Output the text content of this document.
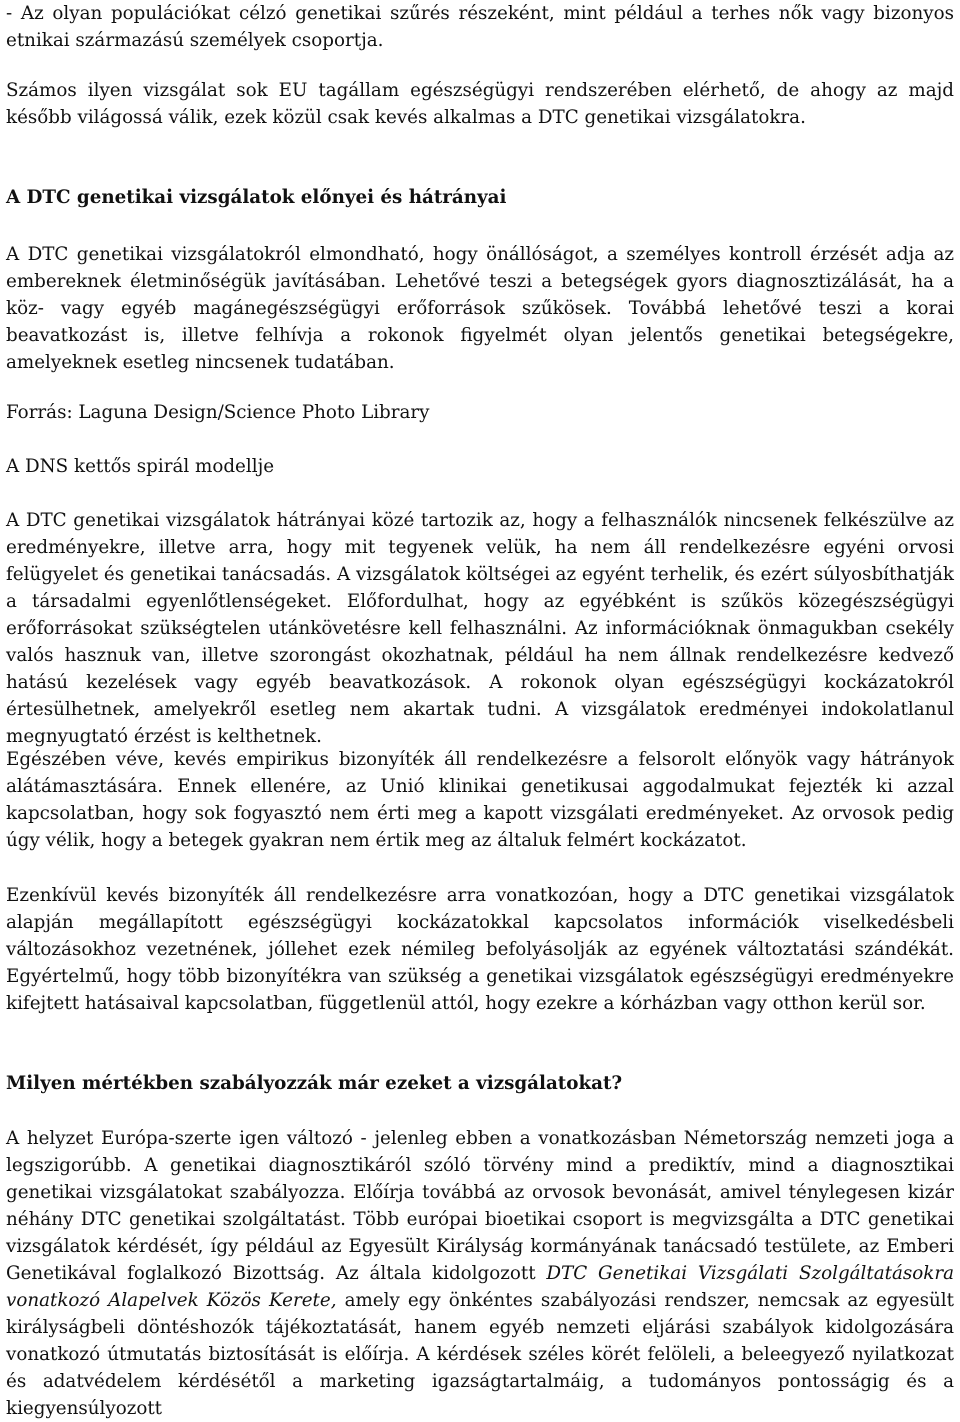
- Az olyan populációkat célzó genetikai szűrés részeként, mint például a terhes nők vagy bizonyos etnikai származású személyek csoportja.

Számos ilyen vizsgálat sok EU tagállam egészségügyi rendszerében elérhető, de ahogy az majd később világossá válik, ezek közül csak kevés alkalmas a DTC genetikai vizsgálatokra.

A DTC genetikai vizsgálatok előnyei és hátrányai

A DTC genetikai vizsgálatokról elmondható, hogy önállóságot, a személyes kontroll érzését adja az embereknek életminőségük javításában. Lehetővé teszi a betegségek gyors diagnosztizálását, ha a köz- vagy egyéb magánegészségügyi erőforrások szűkösek. Továbbá lehetővé teszi a korai beavatkozást is, illetve felhívja a rokonok figyelmét olyan jelentős genetikai betegségekre, amelyeknek esetleg nincsenek tudatában.

Forrás: Laguna Design/Science Photo Library

A DNS kettős spirál modellje

A DTC genetikai vizsgálatok hátrányai közé tartozik az, hogy a felhasználók nincsenek felkészülve az eredményekre, illetve arra, hogy mit tegyenek velük, ha nem áll rendelkezésre egyéni orvosi felügyelet és genetikai tanácsadás. A vizsgálatok költségei az egyént terhelik, és ezért súlyosbíthatják a társadalmi egyenlőtlenségeket. Előfordulhat, hogy az egyébként is szűkös közegészségügyi erőforrásokat szükségtelen utánkövetésre kell felhasználni. Az információknak önmagukban csekély valós hasznuk van, illetve szorongást okozhatnak, például ha nem állnak rendelkezésre kedvező hatású kezelések vagy egyéb beavatkozások. A rokonok olyan egészségügyi kockázatokról értesülhetnek, amelyekről esetleg nem akartak tudni. A vizsgálatok eredményei indokolatlanul megnyugtató érzést is kelthetnek.

Egészében véve, kevés empirikus bizonyíték áll rendelkezésre a felsorolt előnyök vagy hátrányok alátámasztására. Ennek ellenére, az Unió klinikai genetikusai aggodalmukat fejezték ki azzal kapcsolatban, hogy sok fogyasztó nem érti meg a kapott vizsgálati eredményeket. Az orvosok pedig úgy vélik, hogy a betegek gyakran nem értik meg az általuk felmért kockázatot.

Ezenkívül kevés bizonyíték áll rendelkezésre arra vonatkozóan, hogy a DTC genetikai vizsgálatok alapján megállapított egészségügyi kockázatokkal kapcsolatos információk viselkedésbeli változásokhoz vezetnének, jóllehet ezek némileg befolyásolják az egyének változtatási szándékát. Egyértelmű, hogy több bizonyítékra van szükség a genetikai vizsgálatok egészségügyi eredményekre kifejtett hatásaival kapcsolatban, függetlenül attól, hogy ezekre a kórházban vagy otthon kerül sor.

Milyen mértékben szabályozzák már ezeket a vizsgálatokat?

A helyzet Európa-szerte igen változó - jelenleg ebben a vonatkozásban Németország nemzeti joga a legszigorúbb. A genetikai diagnosztikáról szóló törvény mind a prediktív, mind a diagnosztikai genetikai vizsgálatokat szabályozza. Előírja továbbá az orvosok bevonását, amivel ténylegesen kizár néhány DTC genetikai szolgáltatást. Több európai bioetikai csoport is megvizsgálta a DTC genetikai vizsgálatok kérdését, így például az Egyesült Királyság kormányának tanácsadó testülete, az Emberi Genetikával foglalkozó Bizottság. Az általa kidolgozott DTC Genetikai Vizsgálati Szolgáltatásokra vonatkozó Alapelvek Közös Kerete, amely egy önkéntes szabályozási rendszer, nemcsak az egyesült királyságbeli döntéshozók tájékoztatását, hanem egyéb nemzeti eljárási szabályok kidolgozására vonatkozó útmutatás biztosítását is előírja. A kérdések széles körét felöleli, a beleegyező nyilatkozat és adatvédelem kérdésétől a marketing igazságtartalmáig, a tudományos pontosságig és a kiegyensúlyozott
